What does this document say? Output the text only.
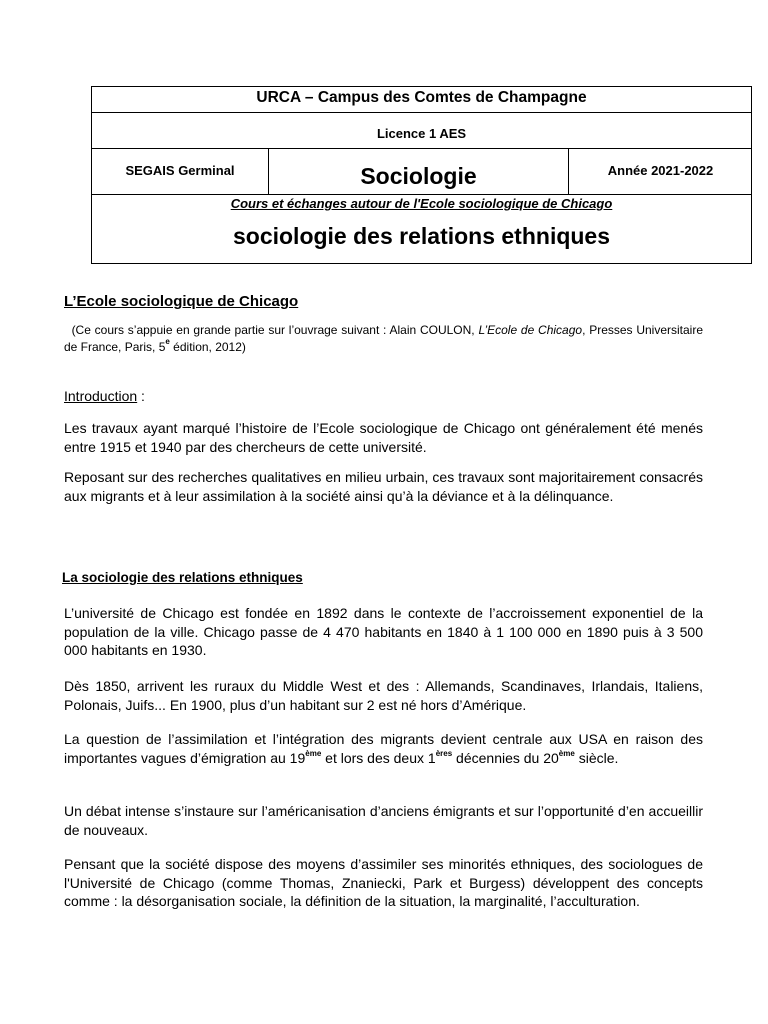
URCA – Campus des Comtes de Champagne
Licence 1 AES
SEGAIS Germinal	Sociologie	Année 2021-2022
Cours et échanges autour de l'Ecole sociologique de Chicago
sociologie des relations ethniques
L’Ecole sociologique de Chicago
(Ce cours s’appuie en grande partie sur l’ouvrage suivant : Alain COULON, L’Ecole de Chicago, Presses Universitaire de France, Paris, 5e édition, 2012)
Introduction :
Les travaux ayant marqué l’histoire de l’Ecole sociologique de Chicago ont généralement été menés entre 1915 et 1940 par des chercheurs de cette université.
Reposant sur des recherches qualitatives en milieu urbain, ces travaux sont majoritairement consacrés aux migrants et à leur assimilation à la société ainsi qu’à la déviance et à la délinquance.
La sociologie des relations ethniques
L’université de Chicago est fondée en 1892 dans le contexte de l’accroissement exponentiel de la population de la ville. Chicago passe de 4 470 habitants en 1840 à 1 100 000 en 1890 puis à 3 500 000 habitants en 1930.
Dès 1850, arrivent les ruraux du Middle West et des : Allemands, Scandinaves, Irlandais, Italiens, Polonais, Juifs... En 1900, plus d’un habitant sur 2 est né hors d’Amérique.
La question de l’assimilation et l’intégration des migrants devient centrale aux USA en raison des importantes vagues d’émigration au 19ème et lors des deux 1ères décennies du 20ème siècle.
Un débat intense s’instaure sur l’américanisation d’anciens émigrants et sur l’opportunité d’en accueillir de nouveaux.
Pensant que la société dispose des moyens d’assimiler ses minorités ethniques, des sociologues de l'Université de Chicago (comme Thomas, Znaniecki, Park et Burgess) développent des concepts comme : la désorganisation sociale, la définition de la situation, la marginalité, l’acculturation.
